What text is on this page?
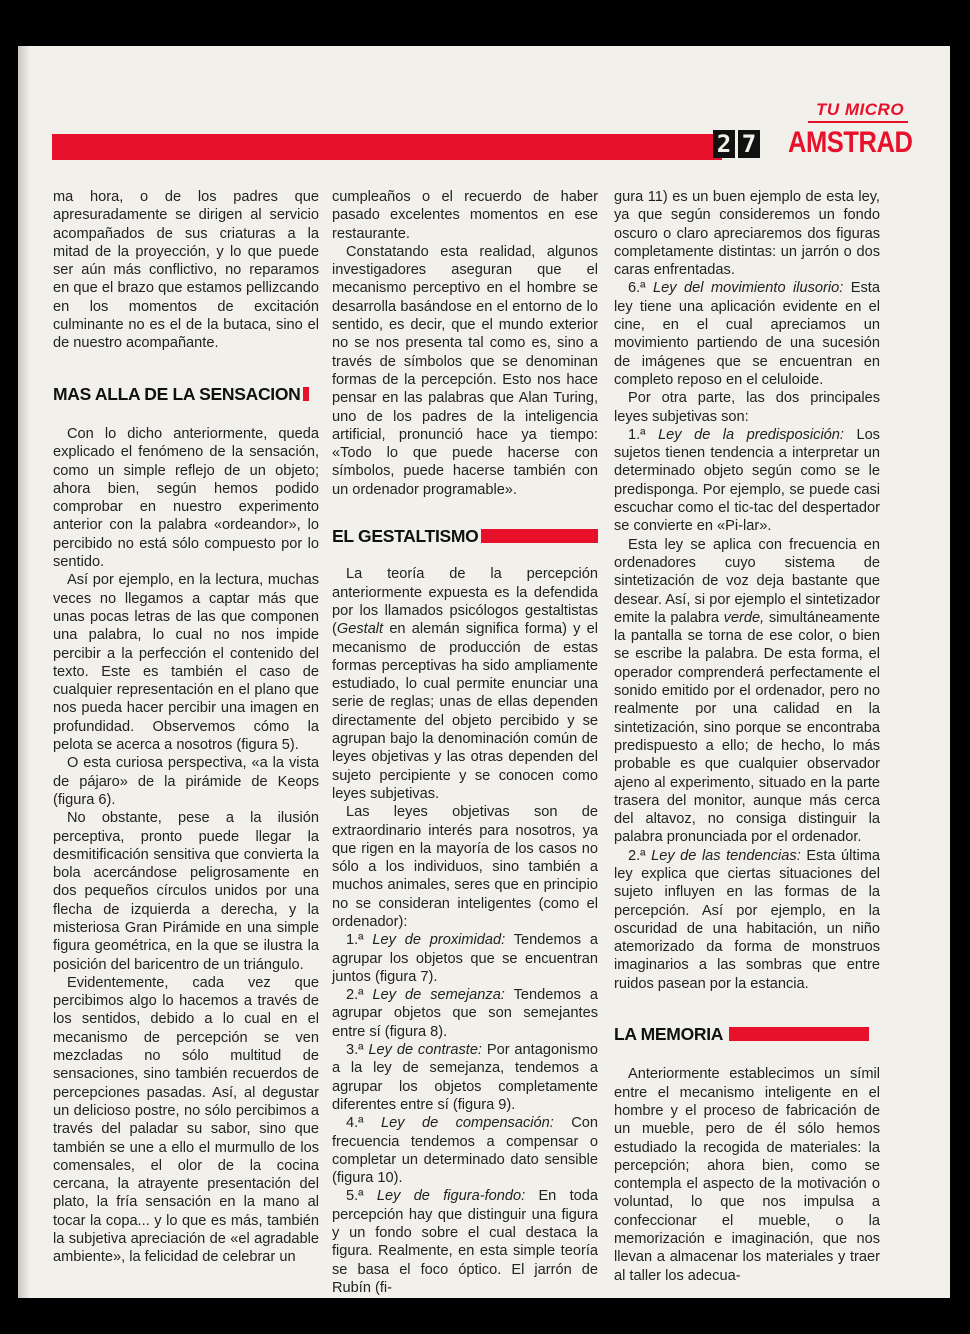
TU MICRO
2 7 AMSTRAD

ma hora, o de los padres que apresuradamente se dirigen al servicio acompañados de sus criaturas a la mitad de la proyección, y lo que puede ser aún más conflictivo, no reparamos en que el brazo que estamos pellizcando en los momentos de excitación culminante no es el de la butaca, sino el de nuestro acompañante.

MAS ALLA DE LA SENSACION

Con lo dicho anteriormente, queda explicado el fenómeno de la sensación, como un simple reflejo de un objeto; ahora bien, según hemos podido comprobar en nuestro experimento anterior con la palabra «ordeandor», lo percibido no está sólo compuesto por lo sentido.

Así por ejemplo, en la lectura, muchas veces no llegamos a captar más que unas pocas letras de las que componen una palabra, lo cual no nos impide percibir a la perfección el contenido del texto. Este es también el caso de cualquier representación en el plano que nos pueda hacer percibir una imagen en profundidad. Observemos cómo la pelota se acerca a nosotros (figura 5).

O esta curiosa perspectiva, «a la vista de pájaro» de la pirámide de Keops (figura 6).

No obstante, pese a la ilusión perceptiva, pronto puede llegar la desmitificación sensitiva que convierta la bola acercándose peligrosamente en dos pequeños círculos unidos por una flecha de izquierda a derecha, y la misteriosa Gran Pirámide en una simple figura geométrica, en la que se ilustra la posición del baricentro de un triángulo.

Evidentemente, cada vez que percibimos algo lo hacemos a través de los sentidos, debido a lo cual en el mecanismo de percepción se ven mezcladas no sólo multitud de sensaciones, sino también recuerdos de percepciones pasadas. Así, al degustar un delicioso postre, no sólo percibimos a través del paladar su sabor, sino que también se une a ello el murmullo de los comensales, el olor de la cocina cercana, la atrayente presentación del plato, la fría sensación en la mano al tocar la copa... y lo que es más, también la subjetiva apreciación de «el agradable ambiente», la felicidad de celebrar un

cumpleaños o el recuerdo de haber pasado excelentes momentos en ese restaurante.

Constatando esta realidad, algunos investigadores aseguran que el mecanismo perceptivo en el hombre se desarrolla basándose en el entorno de lo sentido, es decir, que el mundo exterior no se nos presenta tal como es, sino a través de símbolos que se denominan formas de la percepción. Esto nos hace pensar en las palabras que Alan Turing, uno de los padres de la inteligencia artificial, pronunció hace ya tiempo: «Todo lo que puede hacerse con símbolos, puede hacerse también con un ordenador programable».

EL GESTALTISMO

La teoría de la percepción anteriormente expuesta es la defendida por los llamados psicólogos gestaltistas (Gestalt en alemán significa forma) y el mecanismo de producción de estas formas perceptivas ha sido ampliamente estudiado, lo cual permite enunciar una serie de reglas; unas de ellas dependen directamente del objeto percibido y se agrupan bajo la denominación común de leyes objetivas y las otras dependen del sujeto percipiente y se conocen como leyes subjetivas.

Las leyes objetivas son de extraordinario interés para nosotros, ya que rigen en la mayoría de los casos no sólo a los individuos, sino también a muchos animales, seres que en principio no se consideran inteligentes (como el ordenador):

1.ª Ley de proximidad: Tendemos a agrupar los objetos que se encuentran juntos (figura 7).

2.ª Ley de semejanza: Tendemos a agrupar objetos que son semejantes entre sí (figura 8).

3.ª Ley de contraste: Por antagonismo a la ley de semejanza, tendemos a agrupar los objetos completamente diferentes entre sí (figura 9).

4.ª Ley de compensación: Con frecuencia tendemos a compensar o completar un determinado dato sensible (figura 10).

5.ª Ley de figura-fondo: En toda percepción hay que distinguir una figura y un fondo sobre el cual destaca la figura. Realmente, en esta simple teoría se basa el foco óptico. El jarrón de Rubín (fi-

gura 11) es un buen ejemplo de esta ley, ya que según consideremos un fondo oscuro o claro apreciaremos dos figuras completamente distintas: un jarrón o dos caras enfrentadas.

6.ª Ley del movimiento ilusorio: Esta ley tiene una aplicación evidente en el cine, en el cual apreciamos un movimiento partiendo de una sucesión de imágenes que se encuentran en completo reposo en el celuloide.

Por otra parte, las dos principales leyes subjetivas son:

1.ª Ley de la predisposición: Los sujetos tienen tendencia a interpretar un determinado objeto según como se le predisponga. Por ejemplo, se puede casi escuchar como el tic-tac del despertador se convierte en «Pi-lar».

Esta ley se aplica con frecuencia en ordenadores cuyo sistema de sintetización de voz deja bastante que desear. Así, si por ejemplo el sintetizador emite la palabra verde, simultáneamente la pantalla se torna de ese color, o bien se escribe la palabra. De esta forma, el operador comprenderá perfectamente el sonido emitido por el ordenador, pero no realmente por una calidad en la sintetización, sino porque se encontraba predispuesto a ello; de hecho, lo más probable es que cualquier observador ajeno al experimento, situado en la parte trasera del monitor, aunque más cerca del altavoz, no consiga distinguir la palabra pronunciada por el ordenador.

2.ª Ley de las tendencias: Esta última ley explica que ciertas situaciones del sujeto influyen en las formas de la percepción. Así por ejemplo, en la oscuridad de una habitación, un niño atemorizado da forma de monstruos imaginarios a las sombras que entre ruidos pasean por la estancia.

LA MEMORIA

Anteriormente establecimos un símil entre el mecanismo inteligente en el hombre y el proceso de fabricación de un mueble, pero de él sólo hemos estudiado la recogida de materiales: la percepción; ahora bien, como se contempla el aspecto de la motivación o voluntad, lo que nos impulsa a confeccionar el mueble, o la memorización e imaginación, que nos llevan a almacenar los materiales y traer al taller los adecua-
